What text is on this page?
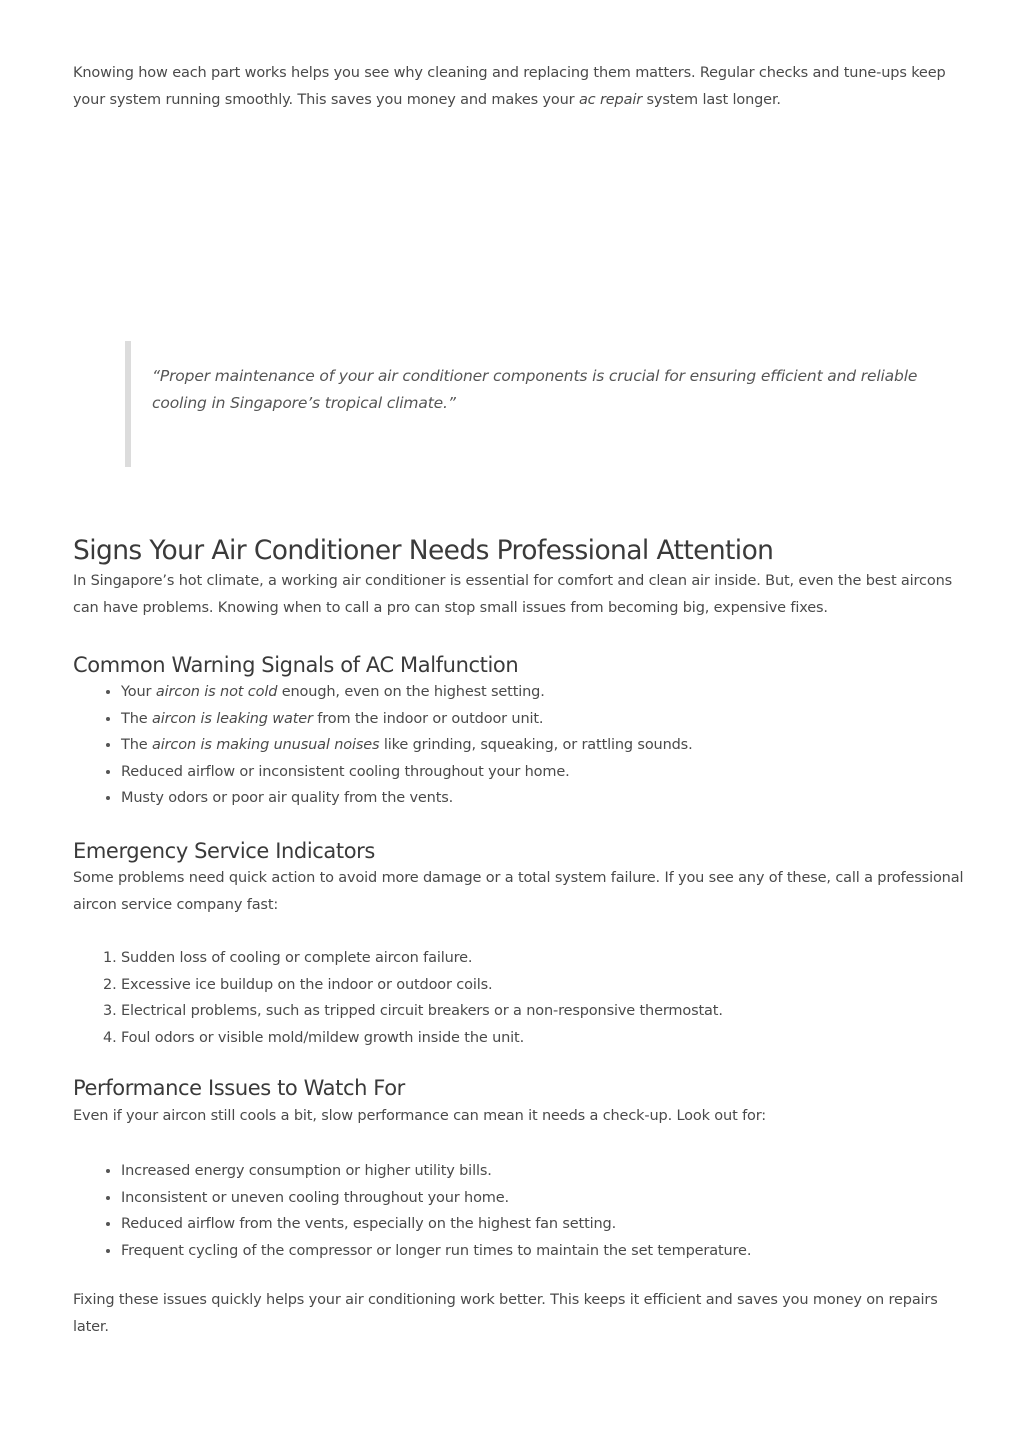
Knowing how each part works helps you see why cleaning and replacing them matters. Regular checks and tune-ups keep your system running smoothly. This saves you money and makes your ac repair system last longer.

“Proper maintenance of your air conditioner components is crucial for ensuring efficient and reliable cooling in Singapore’s tropical climate.”

Signs Your Air Conditioner Needs Professional Attention

In Singapore’s hot climate, a working air conditioner is essential for comfort and clean air inside. But, even the best aircons can have problems. Knowing when to call a pro can stop small issues from becoming big, expensive fixes.

Common Warning Signals of AC Malfunction
• Your aircon is not cold enough, even on the highest setting.
• The aircon is leaking water from the indoor or outdoor unit.
• The aircon is making unusual noises like grinding, squeaking, or rattling sounds.
• Reduced airflow or inconsistent cooling throughout your home.
• Musty odors or poor air quality from the vents.
Emergency Service Indicators

Some problems need quick action to avoid more damage or a total system failure. If you see any of these, call a professional aircon service company fast:

1. Sudden loss of cooling or complete aircon failure.
2. Excessive ice buildup on the indoor or outdoor coils.
3. Electrical problems, such as tripped circuit breakers or a non-responsive thermostat.
4. Foul odors or visible mold/mildew growth inside the unit.
Performance Issues to Watch For

Even if your aircon still cools a bit, slow performance can mean it needs a check-up. Look out for:

• Increased energy consumption or higher utility bills.
• Inconsistent or uneven cooling throughout your home.
• Reduced airflow from the vents, especially on the highest fan setting.
• Frequent cycling of the compressor or longer run times to maintain the set temperature.

Fixing these issues quickly helps your air conditioning work better. This keeps it efficient and saves you money on repairs later.
